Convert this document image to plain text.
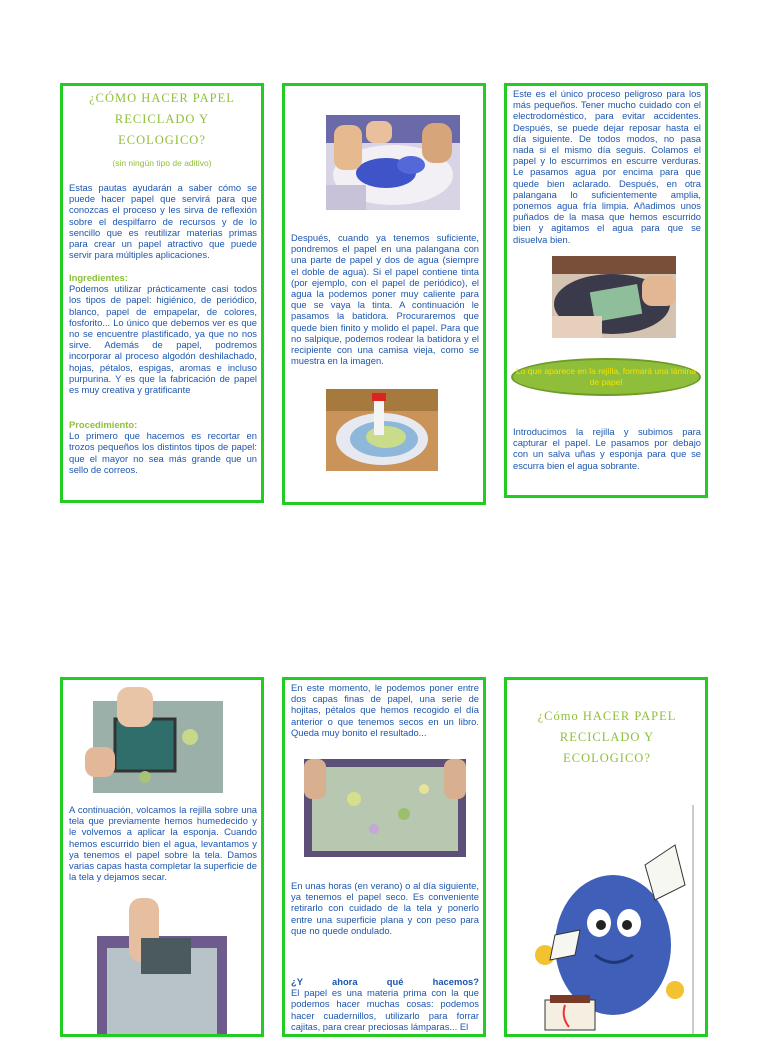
¿CÓMO HACER PAPEL RECICLADO Y ECOLOGICO?
(sin ningún tipo de aditivo)
Estas pautas ayudarán a saber cómo se puede hacer papel que servirá para que conozcas el proceso y les sirva de reflexión sobre el despilfarro de recursos y de lo sencillo que es reutilizar materias primas para crear un papel atractivo que puede servir para múltiples aplicaciones.
Ingredientes:
Podemos utilizar prácticamente casi todos los tipos de papel: higiénico, de periódico, blanco, papel de empapelar, de colores, fosforito... Lo único que debemos ver es que no se encuentre plastificado, ya que no nos sirve. Además de papel, podremos incorporar al proceso algodón deshilachado, hojas, pétalos, espigas, aromas e incluso purpurina. Y es que la fabricación de papel es muy creativa y gratificante
Procedimiento:
Lo primero que hacemos es recortar en trozos pequeños los distintos tipos de papel: que el mayor no sea más grande que un sello de correos.
Después, cuando ya tenemos suficiente, pondremos el papel en una palangana con una parte de papel y dos de agua (siempre el doble de agua). Si el papel contiene tinta (por ejemplo, con el papel de periódico), el agua la podemos poner muy caliente para que se vaya la tinta. A continuación le pasamos la batidora. Procuraremos que quede bien finito y molido el papel. Para que no salpique, podemos rodear la batidora y el recipiente con una camisa vieja, como se muestra en la imagen.
Este es el único proceso peligroso para los más pequeños. Tener mucho cuidado con el electrodoméstico, para evitar accidentes. Después, se puede dejar reposar hasta el día siguiente. De todos modos, no pasa nada si el mismo día seguis. Colamos el papel y lo escurrimos en escurre verduras. Le pasamos agua por encima para que quede bien aclarado. Después, en otra palangana lo suficientemente amplia, ponemos agua fría limpia. Añadimos unos puñados de la masa que hemos escurrido bien y agitamos el agua para que se disuelva bien.
Lo que aparece en la rejilla, formará una lámina de papel
Introducimos la rejilla y subimos para capturar el papel. Le pasamos por debajo con un salva uñas y esponja para que se escurra bien el agua sobrante.
A continuación, volcamos la rejilla sobre una tela que previamente hemos humedecido y le volvemos a aplicar la esponja. Cuando hemos escurrido bien el agua, levantamos y ya tenemos el papel sobre la tela. Damos varias capas hasta completar la superficie de la tela y dejamos secar.
En este momento, le podemos poner entre dos capas finas de papel, una serie de hojitas, pétalos que hemos recogido el día anterior o que tenemos secos en un libro. Queda muy bonito el resultado...
En unas horas (en verano) o al día siguiente, ya tenemos el papel seco. Es conveniente retirarlo con cuidado de la tela y ponerlo entre una superficie plana y con peso para que no quede ondulado.
¿Y ahora qué hacemos?
El papel es una materia prima con la que podemos hacer muchas cosas: podemos hacer cuadernillos, utilizarlo para forrar cajitas, para crear preciosas lámparas... El
¿Cómo HACER PAPEL RECICLADO Y ECOLOGICO?
